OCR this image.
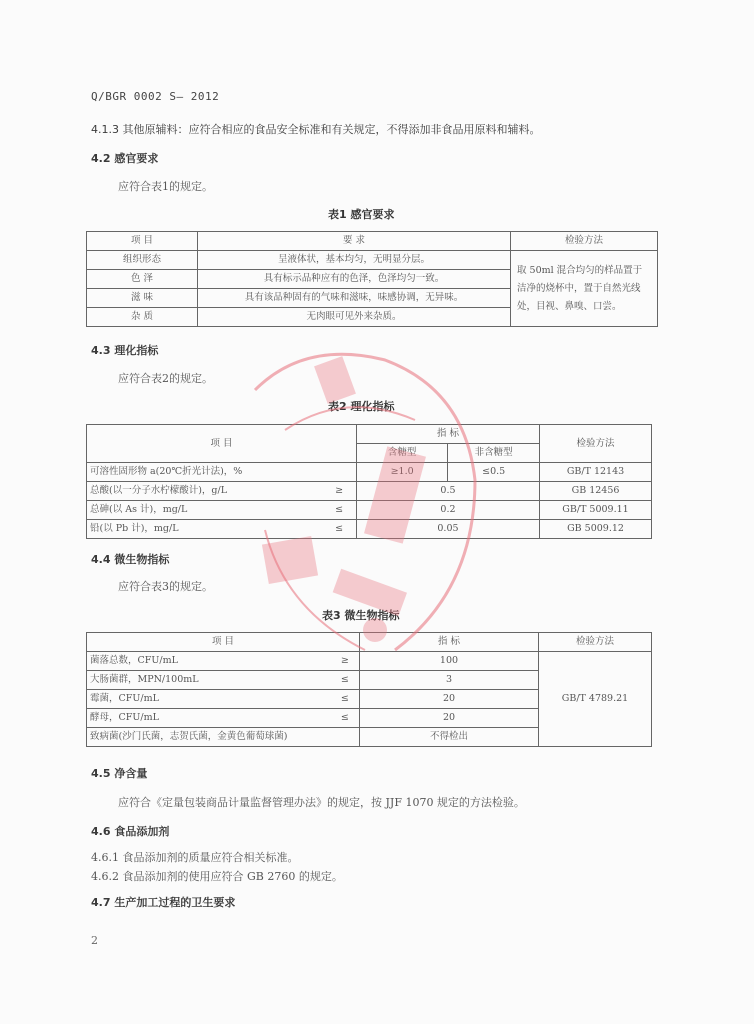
Q/BGR 0002 S— 2012
4.1.3 其他原辅料：应符合相应的食品安全标准和有关规定，不得添加非食品用原料和辅料。
4.2 感官要求
应符合表1的规定。
表1 感官要求
项 目	要 求	检验方法
组织形态	呈液体状，基本均匀，无明显分层。	取 50ml 混合均匀的样品置于洁净的烧杯中，置于自然光线处，目视、鼻嗅、口尝。
色 泽	具有标示品种应有的色泽，色泽均匀一致。	
滋 味	具有该品种固有的气味和滋味，味感协调，无异味。	
杂 质	无肉眼可见外来杂质。	
4.3 理化指标
应符合表2的规定。
表2 理化指标
项 目		指 标		检验方法
		含糖型	非含糖型	
可溶性固形物 a(20℃折光计法)，%		≥1.0	≤0.5	GB/T 12143
总酸(以一分子水柠檬酸计)，g/L	≥	0.5		GB 12456
总砷(以 As 计)，mg/L	≤	0.2		GB/T 5009.11
铅(以 Pb 计)，mg/L	≤	0.05		GB 5009.12
4.4 微生物指标
应符合表3的规定。
表3 微生物指标
项 目		指 标	检验方法
菌落总数，CFU/mL	≥	100	GB/T 4789.21
大肠菌群，MPN/100mL	≤	3	
霉菌，CFU/mL	≤	20	
酵母，CFU/mL	≤	20	
致病菌(沙门氏菌，志贺氏菌，金黄色葡萄球菌)		不得检出	
4.5 净含量
应符合《定量包装商品计量监督管理办法》的规定，按 JJF 1070 规定的方法检验。
4.6 食品添加剂
4.6.1 食品添加剂的质量应符合相关标准。
4.6.2 食品添加剂的使用应符合 GB 2760 的规定。
4.7 生产加工过程的卫生要求
2
